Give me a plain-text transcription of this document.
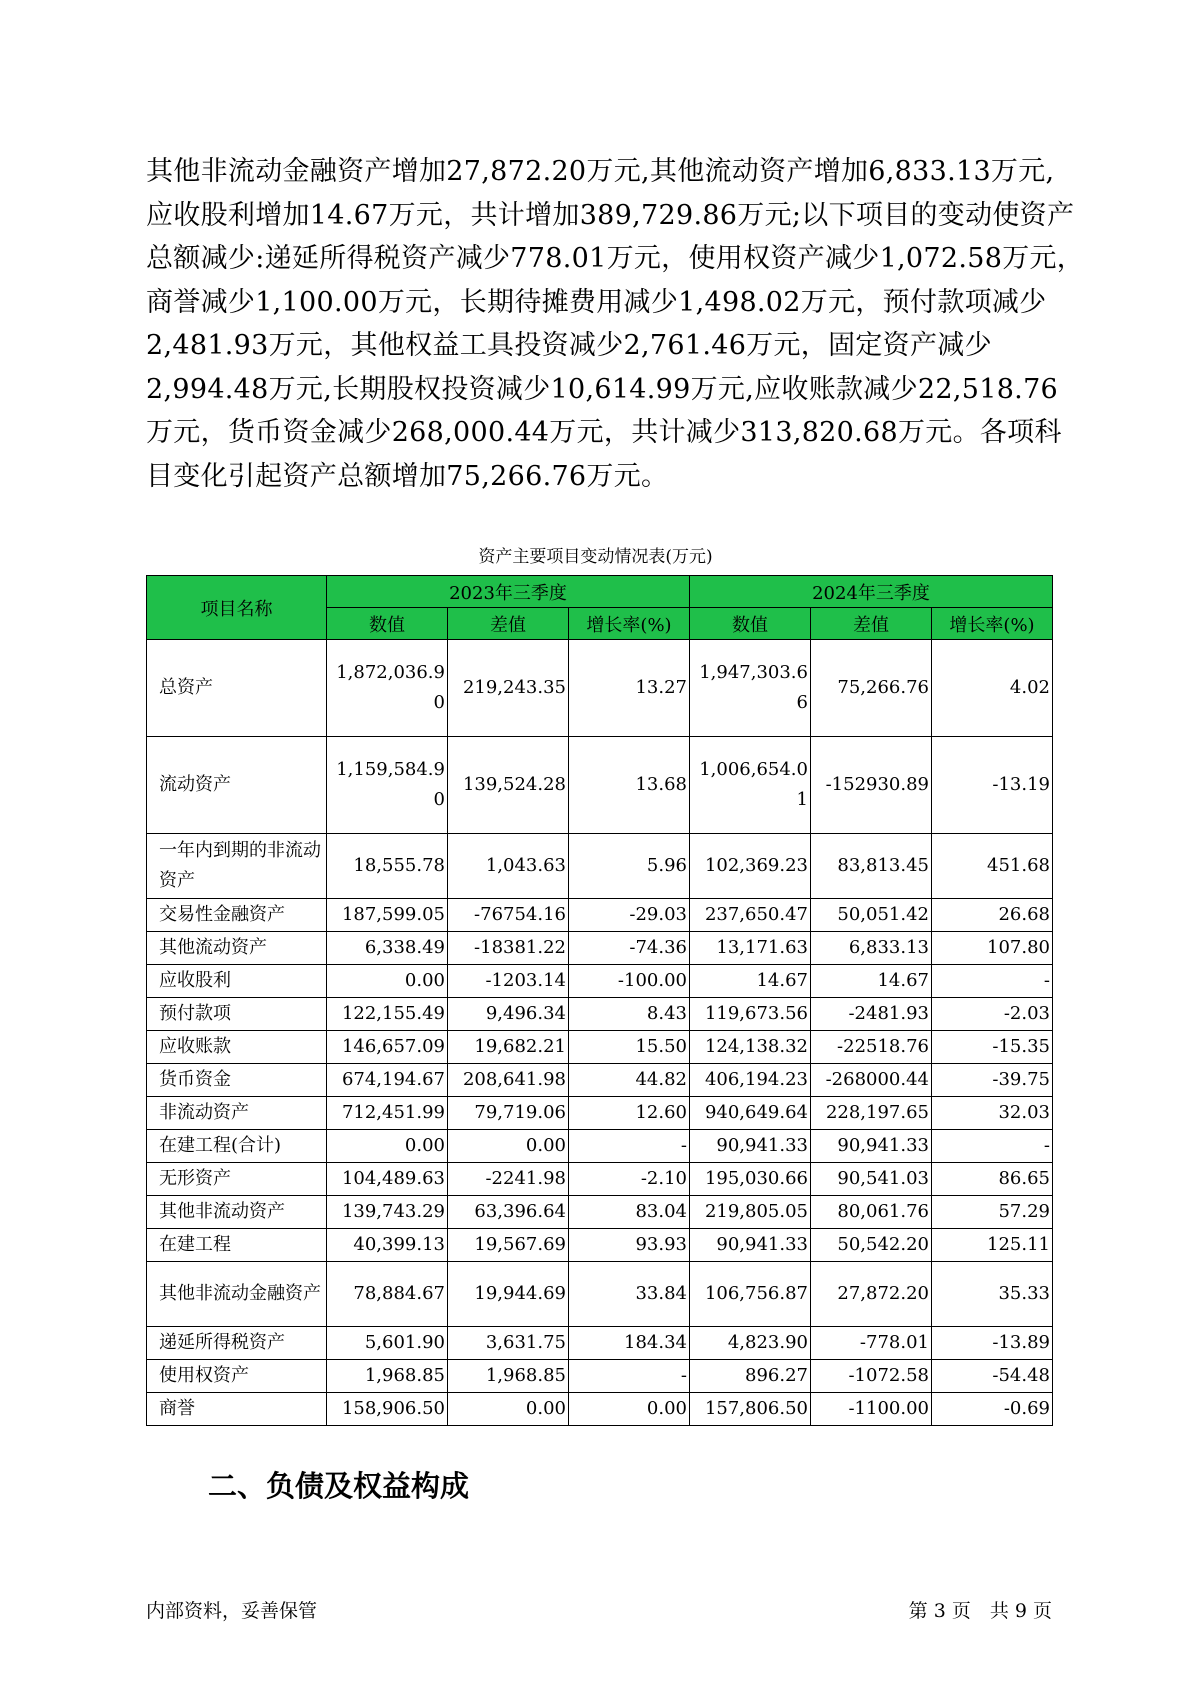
其他非流动金融资产增加27,872.20万元,其他流动资产增加6,833.13万元,

应收股利增加14.67万元，共计增加389,729.86万元;以下项目的变动使资产

总额减少:递延所得税资产减少778.01万元，使用权资产减少1,072.58万元，

商誉减少1,100.00万元，长期待摊费用减少1,498.02万元，预付款项减少

2,481.93万元，其他权益工具投资减少2,761.46万元，固定资产减少

2,994.48万元,长期股权投资减少10,614.99万元,应收账款减少22,518.76

万元，货币资金减少268,000.44万元，共计减少313,820.68万元。各项科

目变化引起资产总额增加75,266.76万元。

资产主要项目变动情况表(万元)
项目名称	2023年三季度			2024年三季度		
	数值	差值	增长率(%)	数值	差值	增长率(%)
总资产	1,872,036.90	219,243.35	13.27	1,947,303.66	75,266.76	4.02
流动资产	1,159,584.90	139,524.28	13.68	1,006,654.01	-152930.89	-13.19
一年内到期的非流动资产	18,555.78	1,043.63	5.96	102,369.23	83,813.45	451.68
交易性金融资产	187,599.05	-76754.16	-29.03	237,650.47	50,051.42	26.68
其他流动资产	6,338.49	-18381.22	-74.36	13,171.63	6,833.13	107.80
应收股利	0.00	-1203.14	-100.00	14.67	14.67	-
预付款项	122,155.49	9,496.34	8.43	119,673.56	-2481.93	-2.03
应收账款	146,657.09	19,682.21	15.50	124,138.32	-22518.76	-15.35
货币资金	674,194.67	208,641.98	44.82	406,194.23	-268000.44	-39.75
非流动资产	712,451.99	79,719.06	12.60	940,649.64	228,197.65	32.03
在建工程(合计)	0.00	0.00	-	90,941.33	90,941.33	-
无形资产	104,489.63	-2241.98	-2.10	195,030.66	90,541.03	86.65
其他非流动资产	139,743.29	63,396.64	83.04	219,805.05	80,061.76	57.29
在建工程	40,399.13	19,567.69	93.93	90,941.33	50,542.20	125.11
其他非流动金融资产	78,884.67	19,944.69	33.84	106,756.87	27,872.20	35.33
递延所得税资产	5,601.90	3,631.75	184.34	4,823.90	-778.01	-13.89
使用权资产	1,968.85	1,968.85	-	896.27	-1072.58	-54.48
商誉	158,906.50	0.00	0.00	157,806.50	-1100.00	-0.69
二、负债及权益构成
内部资料，妥善保管	第 3 页　共 9 页
